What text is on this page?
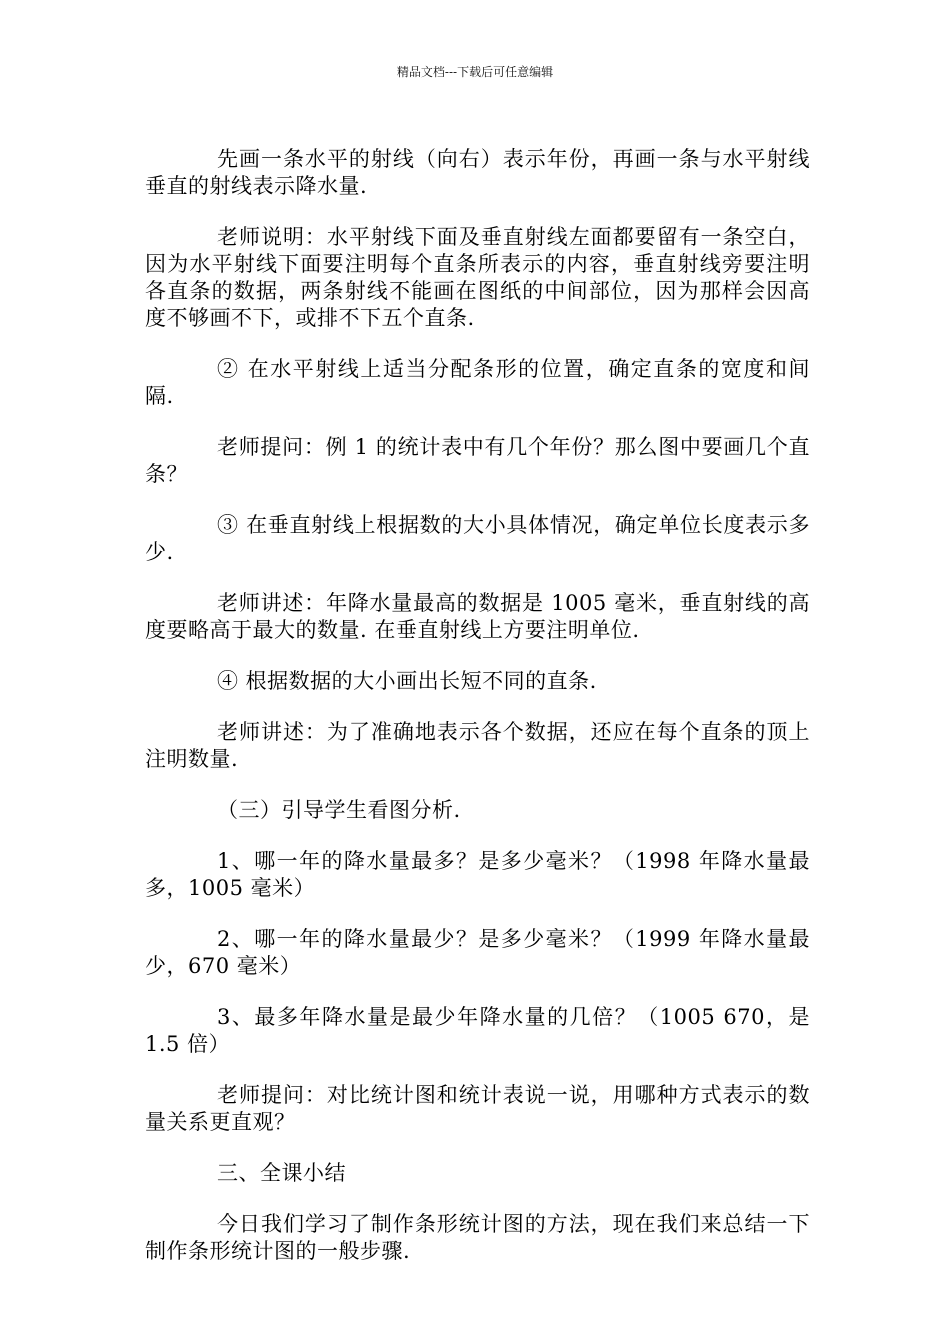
精品文档---下载后可任意编辑

先画一条水平的射线（向右）表示年份，再画一条与水平射线垂直的射线表示降水量.

老师说明：水平射线下面及垂直射线左面都要留有一条空白，因为水平射线下面要注明每个直条所表示的内容，垂直射线旁要注明各直条的数据，两条射线不能画在图纸的中间部位，因为那样会因高度不够画不下，或排不下五个直条.

② 在水平射线上适当分配条形的位置，确定直条的宽度和间隔.

老师提问：例 1 的统计表中有几个年份？那么图中要画几个直条？

③ 在垂直射线上根据数的大小具体情况，确定单位长度表示多少.

老师讲述：年降水量最高的数据是 1005 毫米，垂直射线的高度要略高于最大的数量. 在垂直射线上方要注明单位.

④ 根据数据的大小画出长短不同的直条.

老师讲述：为了准确地表示各个数据，还应在每个直条的顶上注明数量.

（三）引导学生看图分析.

1、哪一年的降水量最多？是多少毫米？（1998 年降水量最多，1005 毫米）

2、哪一年的降水量最少？是多少毫米？（1999 年降水量最少，670 毫米）

3、最多年降水量是最少年降水量的几倍？（1005 670，是 1.5 倍）

老师提问：对比统计图和统计表说一说，用哪种方式表示的数量关系更直观？

三、全课小结

今日我们学习了制作条形统计图的方法，现在我们来总结一下制作条形统计图的一般步骤.
